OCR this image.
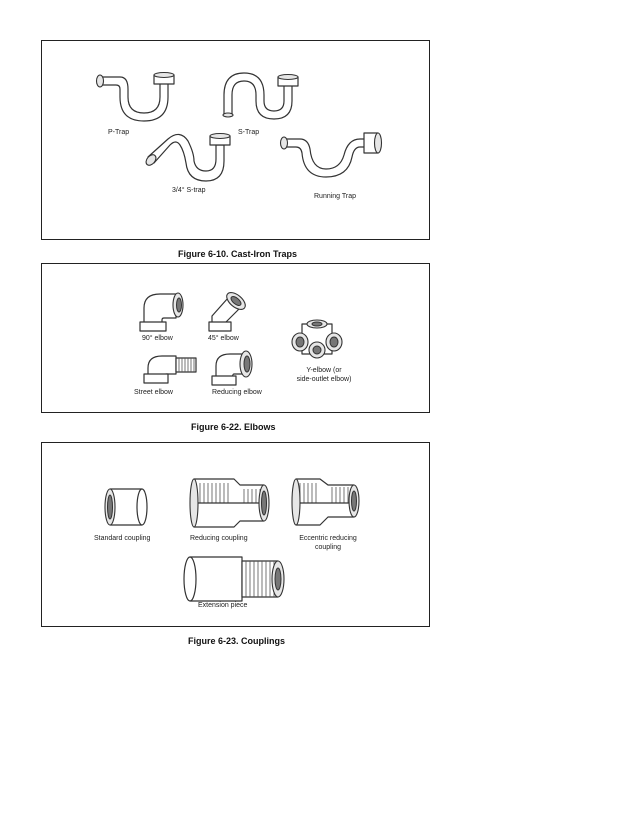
P-Trap	S-Trap
3/4° S-trap
Running Trap
Figure 6-10. Cast-Iron Traps
90° elbow	45° elbow
Y-elbow (or
side-outlet elbow)
Street elbow	Reducing elbow
Figure 6-22. Elbows
Standard coupling	Reducing coupling	Eccentric reducing
coupling
Extension piece
Figure 6-23. Couplings
